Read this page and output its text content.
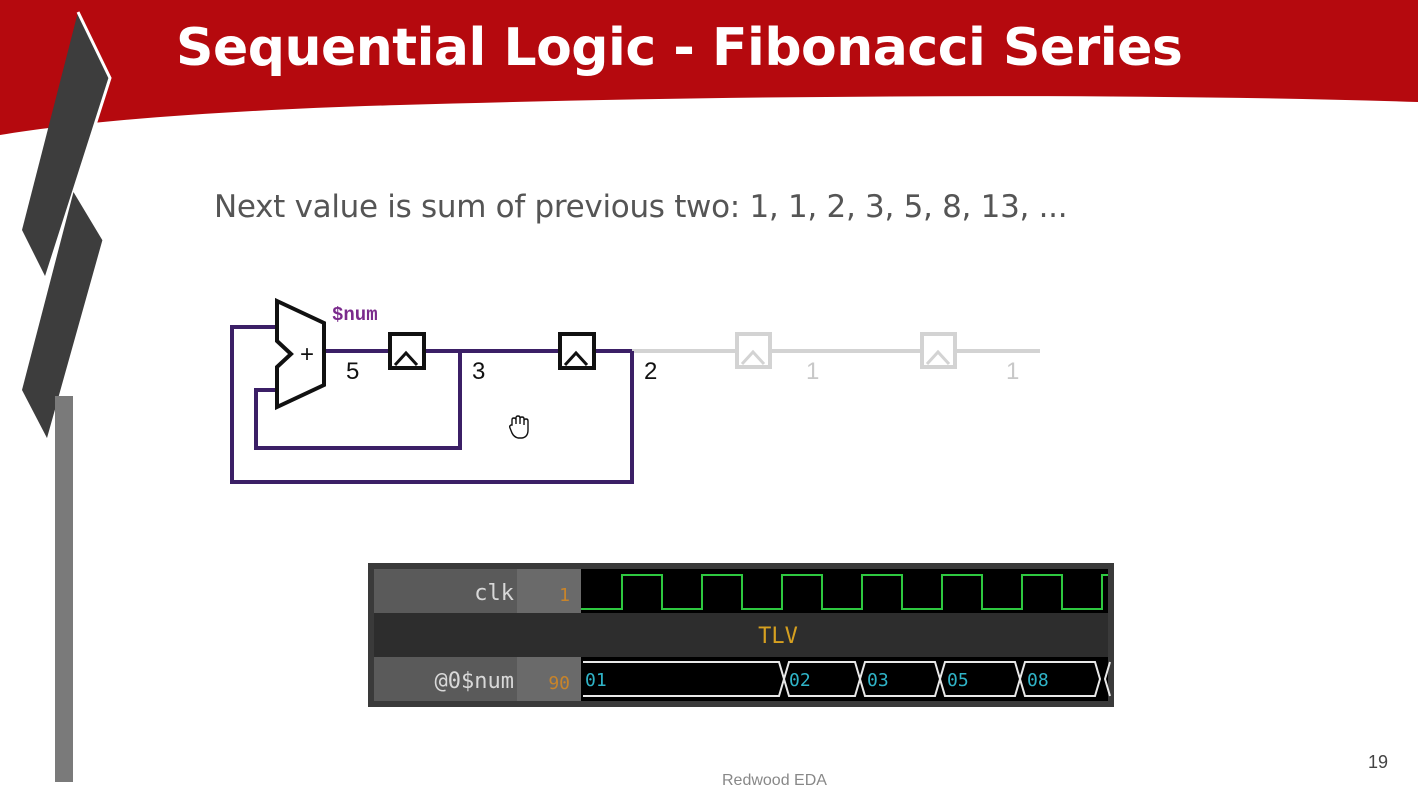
Sequential Logic - Fibonacci Series
Next value is sum of previous two: 1, 1, 2, 3, 5, 8, 13, ...
+
$num
5	3	2	1	1
clk	1
TLV
@0$num 90 01	02	03	05	08
Redwood EDA
19
